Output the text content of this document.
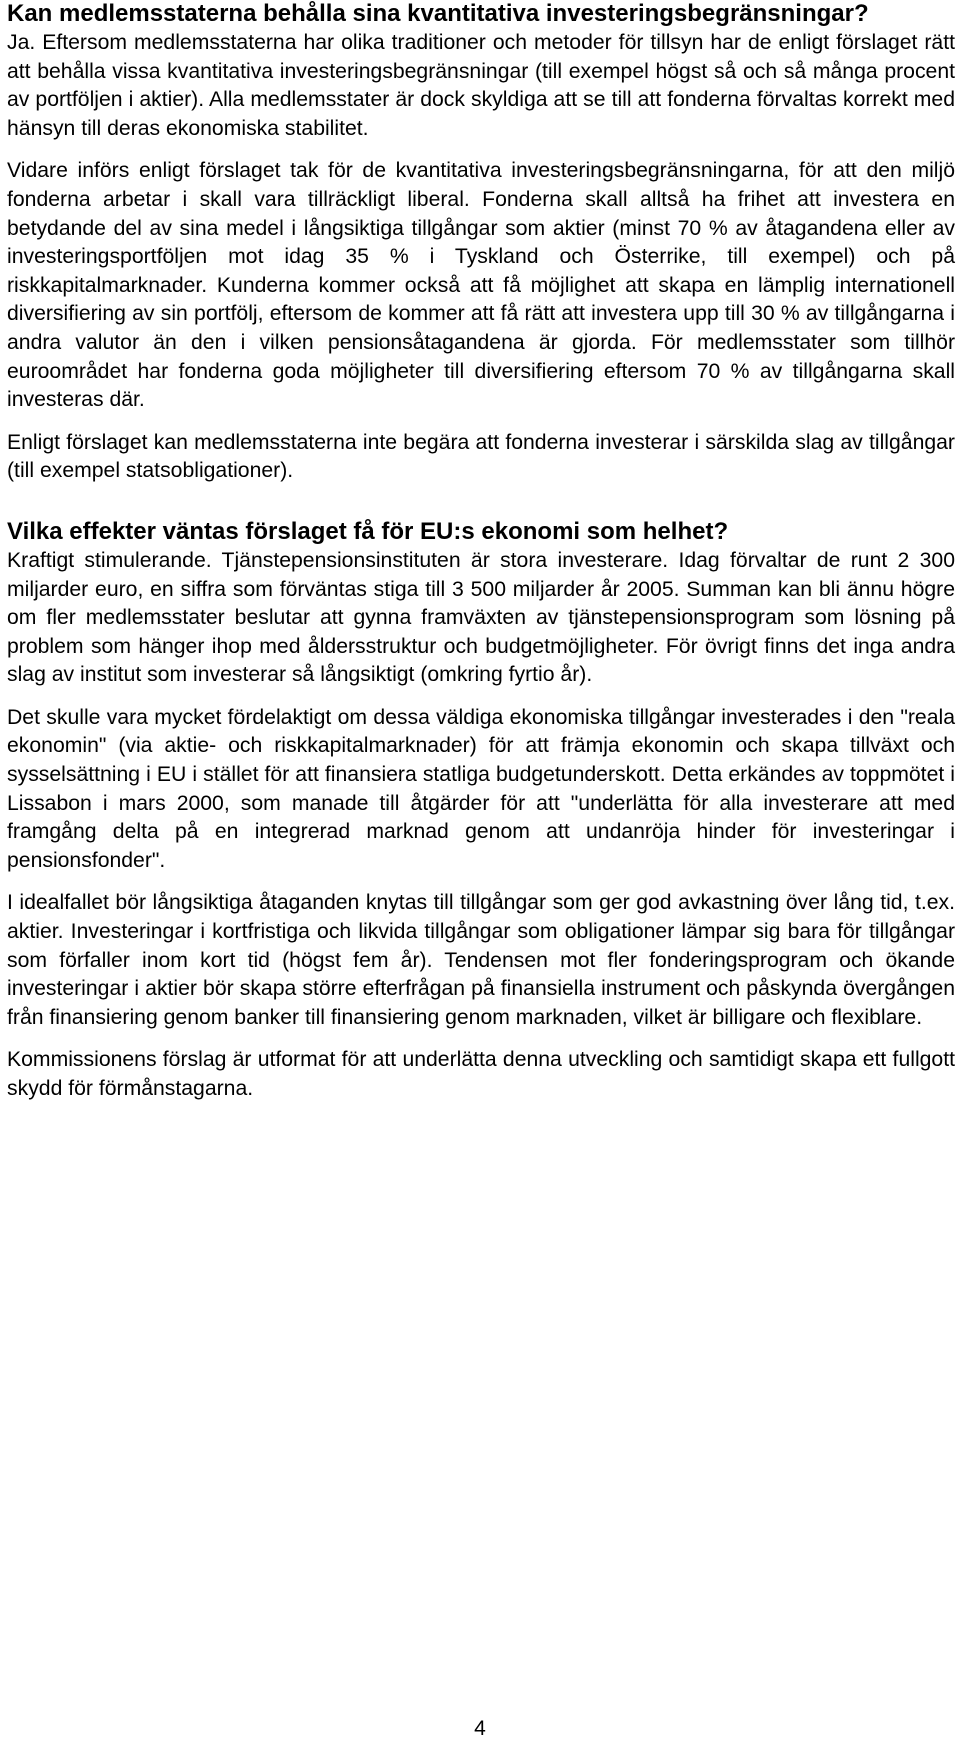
Kan medlemsstaterna behålla sina kvantitativa investeringsbegränsningar?

Ja. Eftersom medlemsstaterna har olika traditioner och metoder för tillsyn har de enligt förslaget rätt att behålla vissa kvantitativa investeringsbegränsningar (till exempel högst så och så många procent av portföljen i aktier). Alla medlemsstater är dock skyldiga att se till att fonderna förvaltas korrekt med hänsyn till deras ekonomiska stabilitet.

Vidare införs enligt förslaget tak för de kvantitativa investeringsbegränsningarna, för att den miljö fonderna arbetar i skall vara tillräckligt liberal. Fonderna skall alltså ha frihet att investera en betydande del av sina medel i långsiktiga tillgångar som aktier (minst 70 % av åtagandena eller av investeringsportföljen mot idag 35 % i Tyskland och Österrike, till exempel) och på riskkapitalmarknader. Kunderna kommer också att få möjlighet att skapa en lämplig internationell diversifiering av sin portfölj, eftersom de kommer att få rätt att investera upp till 30 % av tillgångarna i andra valutor än den i vilken pensionsåtagandena är gjorda. För medlemsstater som tillhör euroområdet har fonderna goda möjligheter till diversifiering eftersom 70 % av tillgångarna skall investeras där.

Enligt förslaget kan medlemsstaterna inte begära att fonderna investerar i särskilda slag av tillgångar (till exempel statsobligationer).

Vilka effekter väntas förslaget få för EU:s ekonomi som helhet?

Kraftigt stimulerande. Tjänstepensionsinstituten är stora investerare. Idag förvaltar de runt 2 300 miljarder euro, en siffra som förväntas stiga till 3 500 miljarder år 2005. Summan kan bli ännu högre om fler medlemsstater beslutar att gynna framväxten av tjänstepensionsprogram som lösning på problem som hänger ihop med åldersstruktur och budgetmöjligheter. För övrigt finns det inga andra slag av institut som investerar så långsiktigt (omkring fyrtio år).

Det skulle vara mycket fördelaktigt om dessa väldiga ekonomiska tillgångar investerades i den "reala ekonomin" (via aktie- och riskkapitalmarknader) för att främja ekonomin och skapa tillväxt och sysselsättning i EU i stället för att finansiera statliga budgetunderskott. Detta erkändes av toppmötet i Lissabon i mars 2000, som manade till åtgärder för att "underlätta för alla investerare att med framgång delta på en integrerad marknad genom att undanröja hinder för investeringar i pensionsfonder".

I idealfallet bör långsiktiga åtaganden knytas till tillgångar som ger god avkastning över lång tid, t.ex. aktier. Investeringar i kortfristiga och likvida tillgångar som obligationer lämpar sig bara för tillgångar som förfaller inom kort tid (högst fem år). Tendensen mot fler fonderingsprogram och ökande investeringar i aktier bör skapa större efterfrågan på finansiella instrument och påskynda övergången från finansiering genom banker till finansiering genom marknaden, vilket är billigare och flexiblare.

Kommissionens förslag är utformat för att underlätta denna utveckling och samtidigt skapa ett fullgott skydd för förmånstagarna.

4
